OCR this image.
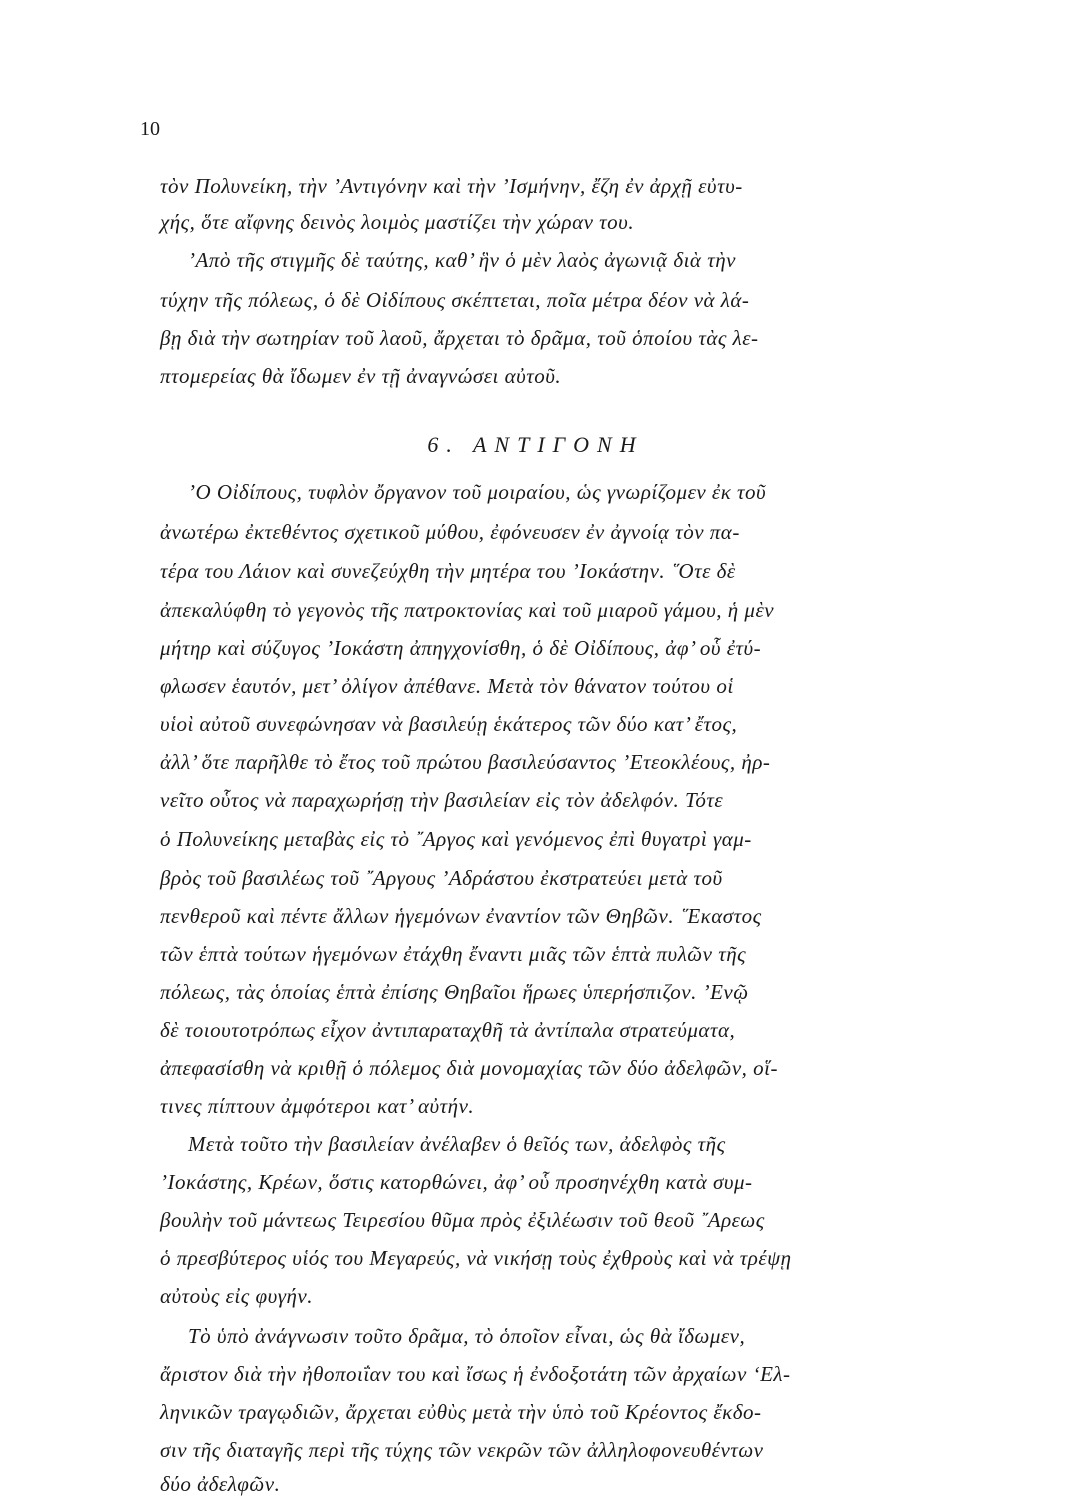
10
τὸν Πολυνείκη, τὴν ’Αντιγόνην καὶ τὴν ’Ισμήνην, ἔζη ἐν ἀρχῇ εὐτυ-
χής, ὅτε αἴφνης δεινὸς λοιμὸς μαστίζει τὴν χώραν του.
’Απὸ τῆς στιγμῆς δὲ ταύτης, καθ’ ἣν ὁ μὲν λαὸς ἀγωνιᾷ διὰ τὴν
τύχην τῆς πόλεως, ὁ δὲ Οἰδίπους σκέπτεται, ποῖα μέτρα δέον νὰ λά-
βῃ διὰ τὴν σωτηρίαν τοῦ λαοῦ, ἄρχεται τὸ δρᾶμα, τοῦ ὁποίου τὰς λε-
πτομερείας θὰ ἴδωμεν ἐν τῇ ἀναγνώσει αὐτοῦ.
6. ΑΝΤΙΓΟΝΗ
’Ο Οἰδίπους, τυφλὸν ὄργανον τοῦ μοιραίου, ὡς γνωρίζομεν ἐκ τοῦ
ἀνωτέρω ἐκτεθέντος σχετικοῦ μύθου, ἐφόνευσεν ἐν ἀγνοίᾳ τὸν πα-
τέρα του Λάιον καὶ συνεζεύχθη τὴν μητέρα του ’Ιοκάστην. ῞Οτε δὲ
ἀπεκαλύφθη τὸ γεγονὸς τῆς πατροκτονίας καὶ τοῦ μιαροῦ γάμου, ἡ μὲν
μήτηρ καὶ σύζυγος ’Ιοκάστη ἀπηγχονίσθη, ὁ δὲ Οἰδίπους, ἀφ’ οὗ ἐτύ-
φλωσεν ἑαυτόν, μετ’ ὀλίγον ἀπέθανε. Μετὰ τὸν θάνατον τούτου οἱ
υἱοὶ αὐτοῦ συνεφώνησαν νὰ βασιλεύῃ ἑκάτερος τῶν δύο κατ’ ἔτος,
ἀλλ’ ὅτε παρῆλθε τὸ ἔτος τοῦ πρώτου βασιλεύσαντος ’Ετεοκλέους, ἠρ-
νεῖτο οὗτος νὰ παραχωρήσῃ τὴν βασιλείαν εἰς τὸν ἀδελφόν. Τότε
ὁ Πολυνείκης μεταβὰς εἰς τὸ ῎Αργος καὶ γενόμενος ἐπὶ θυγατρὶ γαμ-
βρὸς τοῦ βασιλέως τοῦ ῎Αργους ’Αδράστου ἐκστρατεύει μετὰ τοῦ
πενθεροῦ καὶ πέντε ἄλλων ἡγεμόνων ἐναντίον τῶν Θηβῶν. ῞Εκαστος
τῶν ἑπτὰ τούτων ἡγεμόνων ἐτάχθη ἔναντι μιᾶς τῶν ἑπτὰ πυλῶν τῆς
πόλεως, τὰς ὁποίας ἑπτὰ ἐπίσης Θηβαῖοι ἥρωες ὑπερήσπιζον. ’Ενῷ
δὲ τοιουτοτρόπως εἶχον ἀντιπαραταχθῆ τὰ ἀντίπαλα στρατεύματα,
ἀπεφασίσθη νὰ κριθῇ ὁ πόλεμος διὰ μονομαχίας τῶν δύο ἀδελφῶν, οἵ-
τινες πίπτουν ἀμφότεροι κατ’ αὐτήν.
Μετὰ τοῦτο τὴν βασιλείαν ἀνέλαβεν ὁ θεῖός των, ἀδελφὸς τῆς
’Ιοκάστης, Κρέων, ὅστις κατορθώνει, ἀφ’ οὗ προσηνέχθη κατὰ συμ-
βουλὴν τοῦ μάντεως Τειρεσίου θῦμα πρὸς ἐξιλέωσιν τοῦ θεοῦ ῎Αρεως
ὁ πρεσβύτερος υἱός του Μεγαρεύς, νὰ νικήσῃ τοὺς ἐχθροὺς καὶ νὰ τρέψῃ
αὐτοὺς εἰς φυγήν.
Τὸ ὑπὸ ἀνάγνωσιν τοῦτο δρᾶμα, τὸ ὁποῖον εἶναι, ὡς θὰ ἴδωμεν,
ἄριστον διὰ τὴν ἠθοποιΐαν του καὶ ἴσως ἡ ἐνδοξοτάτη τῶν ἀρχαίων ‘Ελ-
ληνικῶν τραγῳδιῶν, ἄρχεται εὐθὺς μετὰ τὴν ὑπὸ τοῦ Κρέοντος ἔκδο-
σιν τῆς διαταγῆς περὶ τῆς τύχης τῶν νεκρῶν τῶν ἀλληλοφονευθέντων
δύο ἀδελφῶν.
